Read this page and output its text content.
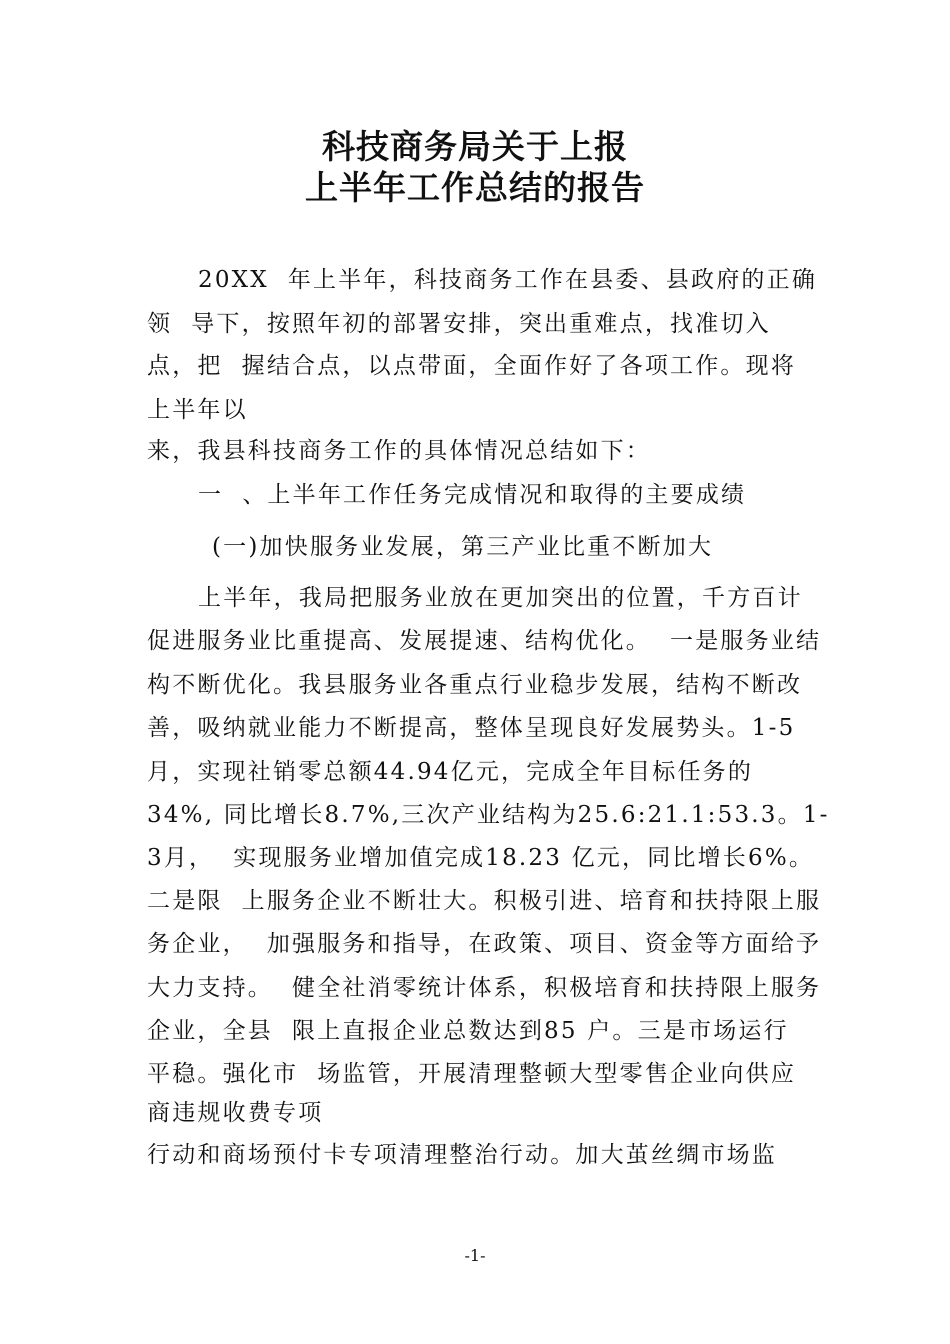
科技商务局关于上报
上半年工作总结的报告
20XX  年上半年，科技商务工作在县委、县政府的正确
领  导下，按照年初的部署安排，突出重难点，找准切入
点，把  握结合点，以点带面，全面作好了各项工作。现将
上半年以
来，我县科技商务工作的具体情况总结如下：
一  、上半年工作任务完成情况和取得的主要成绩
(一)加快服务业发展，第三产业比重不断加大
上半年，我局把服务业放在更加突出的位置，千方百计
促进服务业比重提高、发展提速、结构优化。  一是服务业结
构不断优化。我县服务业各重点行业稳步发展，结构不断改
善，吸纳就业能力不断提高，整体呈现良好发展势头。1-5
月，实现社销零总额44.94亿元，完成全年目标任务的
34%, 同比增长8.7%,三次产业结构为25.6:21.1:53.3。1-
3月，  实现服务业增加值完成18.23 亿元，同比增长6%。
二是限  上服务企业不断壮大。积极引进、培育和扶持限上服
务企业，  加强服务和指导，在政策、项目、资金等方面给予
大力支持。  健全社消零统计体系，积极培育和扶持限上服务
企业，全县  限上直报企业总数达到85 户。三是市场运行
平稳。强化市  场监管，开展清理整顿大型零售企业向供应
商违规收费专项
行动和商场预付卡专项清理整治行动。加大茧丝绸市场监
-1-
